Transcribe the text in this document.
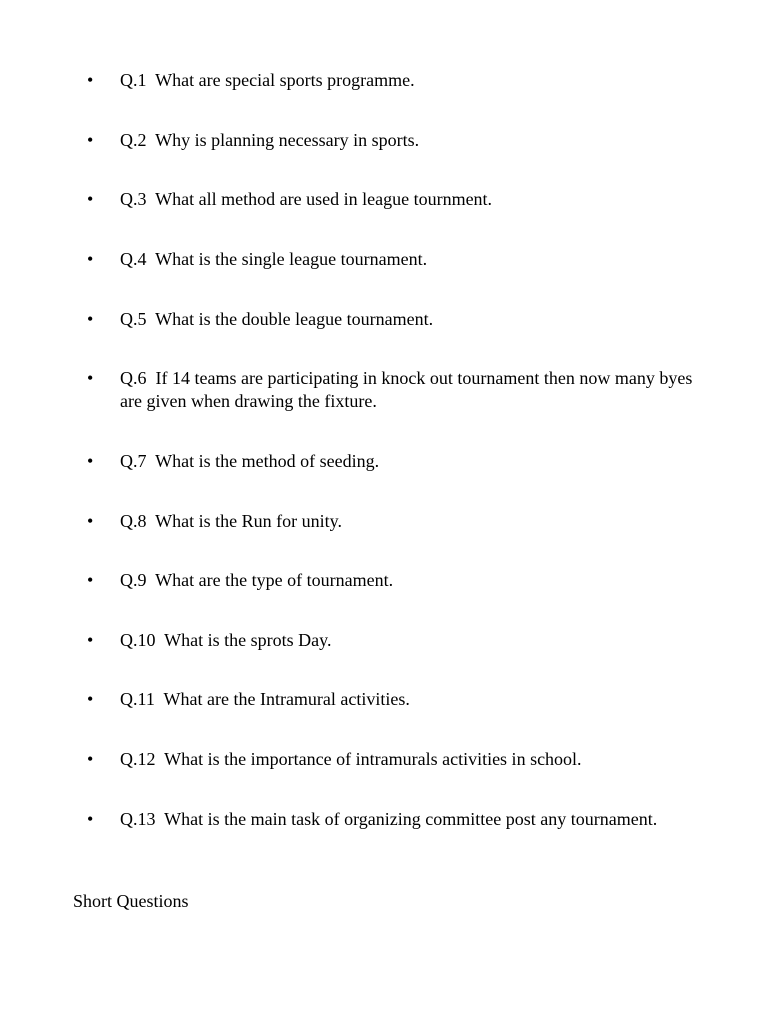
• Q.1  What are special sports programme.
• Q.2  Why is planning necessary in sports.
• Q.3  What all method are used in league tournment.
• Q.4  What is the single league tournament.
• Q.5  What is the double league tournament.
• Q.6  If 14 teams are participating in knock out tournament then now many byes are given when drawing the fixture.
• Q.7  What is the method of seeding.
• Q.8  What is the Run for unity.
• Q.9  What are the type of tournament.
• Q.10  What is the sprots Day.
• Q.11  What are the Intramural activities.
• Q.12  What is the importance of intramurals activities in school.
• Q.13  What is the main task of organizing committee post any tournament.
Short Questions
